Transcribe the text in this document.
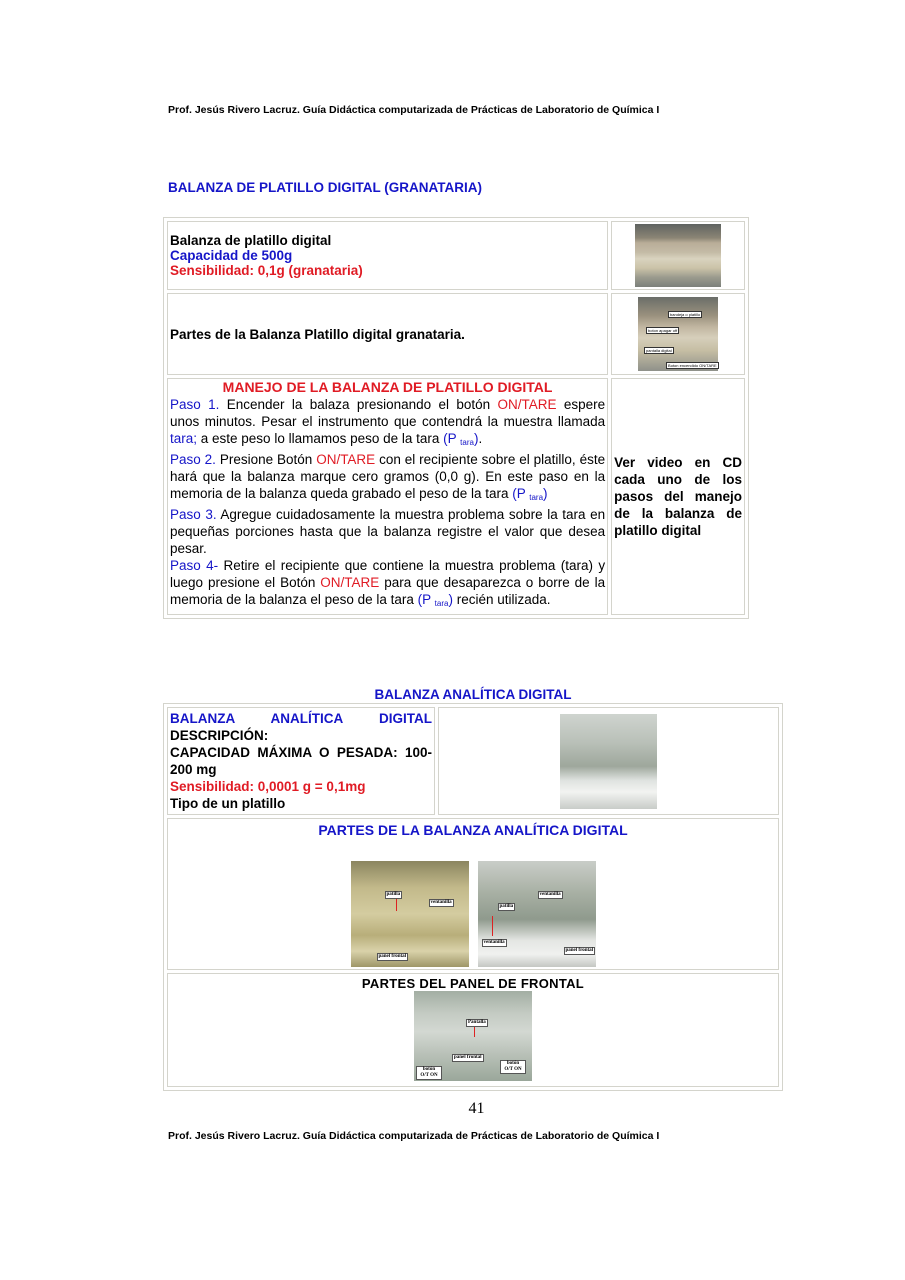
Prof. Jesús Rivero Lacruz. Guía Didáctica computarizada de Prácticas de Laboratorio de Química I
BALANZA DE PLATILLO DIGITAL (GRANATARIA)
Balanza de platillo digital
Capacidad de 500g
Sensibilidad: 0,1g (granataria)	

Partes de la Balanza Platillo digital granataria.	bandeja o platillo
boton apagar off
pantalla digital
Boton encendido ON/TARE

MANEJO DE LA BALANZA DE PLATILLO DIGITAL
Paso 1. Encender la balaza presionando el botón ON/TARE espere unos minutos. Pesar el instrumento que contendrá la muestra llamada tara; a este peso lo llamamos peso de la tara (P $_{tara}$).
Paso 2. Presione Botón ON/TARE con el recipiente sobre el platillo, éste hará que la balanza marque cero gramos (0,0 g). En este paso en la memoria de la balanza queda grabado el peso de la tara (P $_{tara}$)
Paso 3. Agregue cuidadosamente la muestra problema sobre la tara en pequeñas porciones hasta que la balanza registre el valor que desea pesar.
Paso 4- Retire el recipiente que contiene la muestra problema (tara) y luego presione el Botón ON/TARE para que desaparezca o borre de la memoria de la balanza el peso de la tara (P $_{tara}$) recién utilizada.	Ver video en CD cada uno de los pasos del manejo de la balanza de platillo digital
BALANZA ANALÍTICA DIGITAL
BALANZA ANALÍTICA DIGITAL
DESCRIPCIÓN:
CAPACIDAD MÁXIMA O PESADA: 100-200 mg
Sensibilidad: 0,0001 g = 0,1mg
Tipo de un platillo

PARTES DE LA BALANZA ANALÍTICA DIGITAL
patilla
ventanilla
panel frontal
ventanilla
patilla
ventanilla
panel frontal

PARTES DEL PANEL DE FRONTAL
Pantalla
panel frontal
botón O/T ON
botón O/T ON
41
Prof. Jesús Rivero Lacruz. Guía Didáctica computarizada de Prácticas de Laboratorio de Química I
